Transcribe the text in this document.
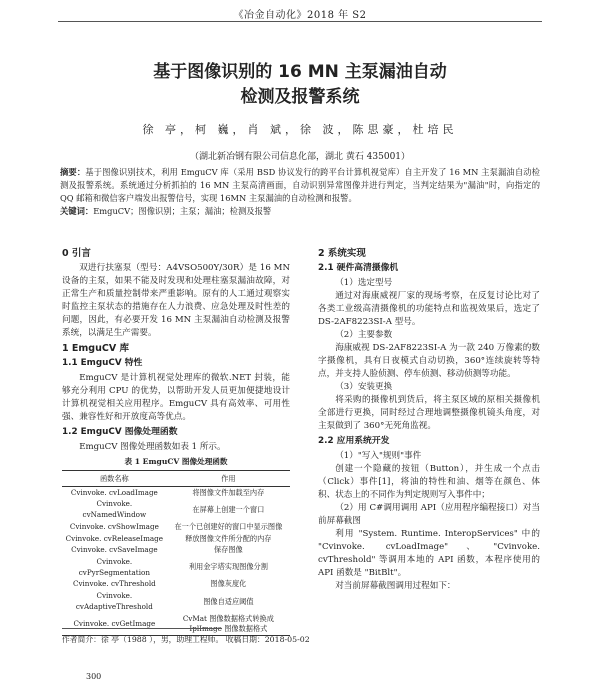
《冶金自动化》2018 年 S2
基于图像识别的 16 MN 主泵漏油自动
检测及报警系统
徐 亭，柯 巍，肖 斌，徐 波，陈思豪，杜培民
（湖北新冶钢有限公司信息化部，湖北 黄石 435001）

摘要：基于图像识别技术，利用 EmguCV 库（采用 BSD 协议发行的跨平台计算机视觉库）自主开发了 16 MN 主泵漏油自动检测及报警系统。系统通过分析抓拍的 16 MN 主泵高清画面，自动识别异常图像并进行判定，当判定结果为"漏油"时，向指定的 QQ 邮箱和微信客户端发出报警信号，实现 16MN 主泵漏油的自动检测和报警。

关键词：EmguCV；图像识别；主泵；漏油；检测及报警

0 引言

双进行扶塞泵（型号：A4VSO500Y/30R）是 16 MN 设备的主泵，如果不能及时发现和处理柱塞泵漏油故障，对正常生产和质量控制带来严重影响。原有的人工通过观察实时监控主泵状态的措施存在人力浪费、应急处理及时性差的问题，因此，有必要开发 16 MN 主泵漏油自动检测及报警系统，以满足生产需要。

1 EmguCV 库
1.1 EmguCV 特性

EmguCV 是计算机视觉处理库的微软.NET 封装，能够充分利用 CPU 的优势，以帮助开发人员更加便捷地设计计算机视觉相关应用程序。EmguCV 具有高效率、可用性强、兼容性好和开放度高等优点。

1.2 EmguCV 图像处理函数

EmguCV 图像处理函数如表 1 所示。

表 1 EmguCV 图像处理函数
函数名称	作用
Cvinvoke. cvLoadImage	将图像文件加载至内存
Cvinvoke. cvNamedWindow	在屏幕上创建一个窗口
Cvinvoke. cvShowImage	在一个已创建好的窗口中显示图像
Cvinvoke. cvReleaseImage	释放图像文件所分配的内存
Cvinvoke. cvSaveImage	保存图像
Cvinvoke. cvPyrSegmentation	利用金字塔实现图像分割
Cvinvoke. cvThreshold	图像灰度化
Cvinvoke. cvAdaptiveThreshold	图像自适应阈值
Cvinvoke. cvGetImage	CvMat 图像数据格式转换成 IplImage 图像数据格式
2 系统实现
2.1 硬件高清摄像机

（1）选定型号

通过对海康威视厂家的现场考察，在反复讨论比对了各类工业级高清摄像机的功能特点和监视效果后，选定了 DS-2AF8223SI-A 型号。

（2）主要参数

海康威视 DS-2AF8223SI-A 为一款 240 万像素的数字摄像机，具有日夜模式自动切换，360°连续旋转等特点，并支持人脸侦测、停车侦测、移动侦测等功能。

（3）安装更换

将采购的摄像机到货后，将主泵区域的原相关摄像机全部进行更换，同时经过合理地调整摄像机镜头角度，对主泵做到了 360°无死角监视。

2.2 应用系统开发

（1）"写入"规则"事件

创建一个隐藏的按钮（Button），并生成一个点击（Click）事件[1]，将油的特性和油、烟等在颜色、体积、状态上的不同作为判定规则写入事件中；

（2）用 C#调用调用 API（应用程序编程接口）对当前屏幕截图

利用 "System. Runtime. InteropServices" 中的 "Cvinvoke. cvLoadImage"、"Cvinvoke. cvThreshold" 等调用本地的 API 函数，本程序使用的 API 函数是 "BitBlt"。

对当前屏幕截图调用过程如下：

作者简介：徐 亭（1988 ），男，助理工程师。 收稿日期：2018-05-02
300
